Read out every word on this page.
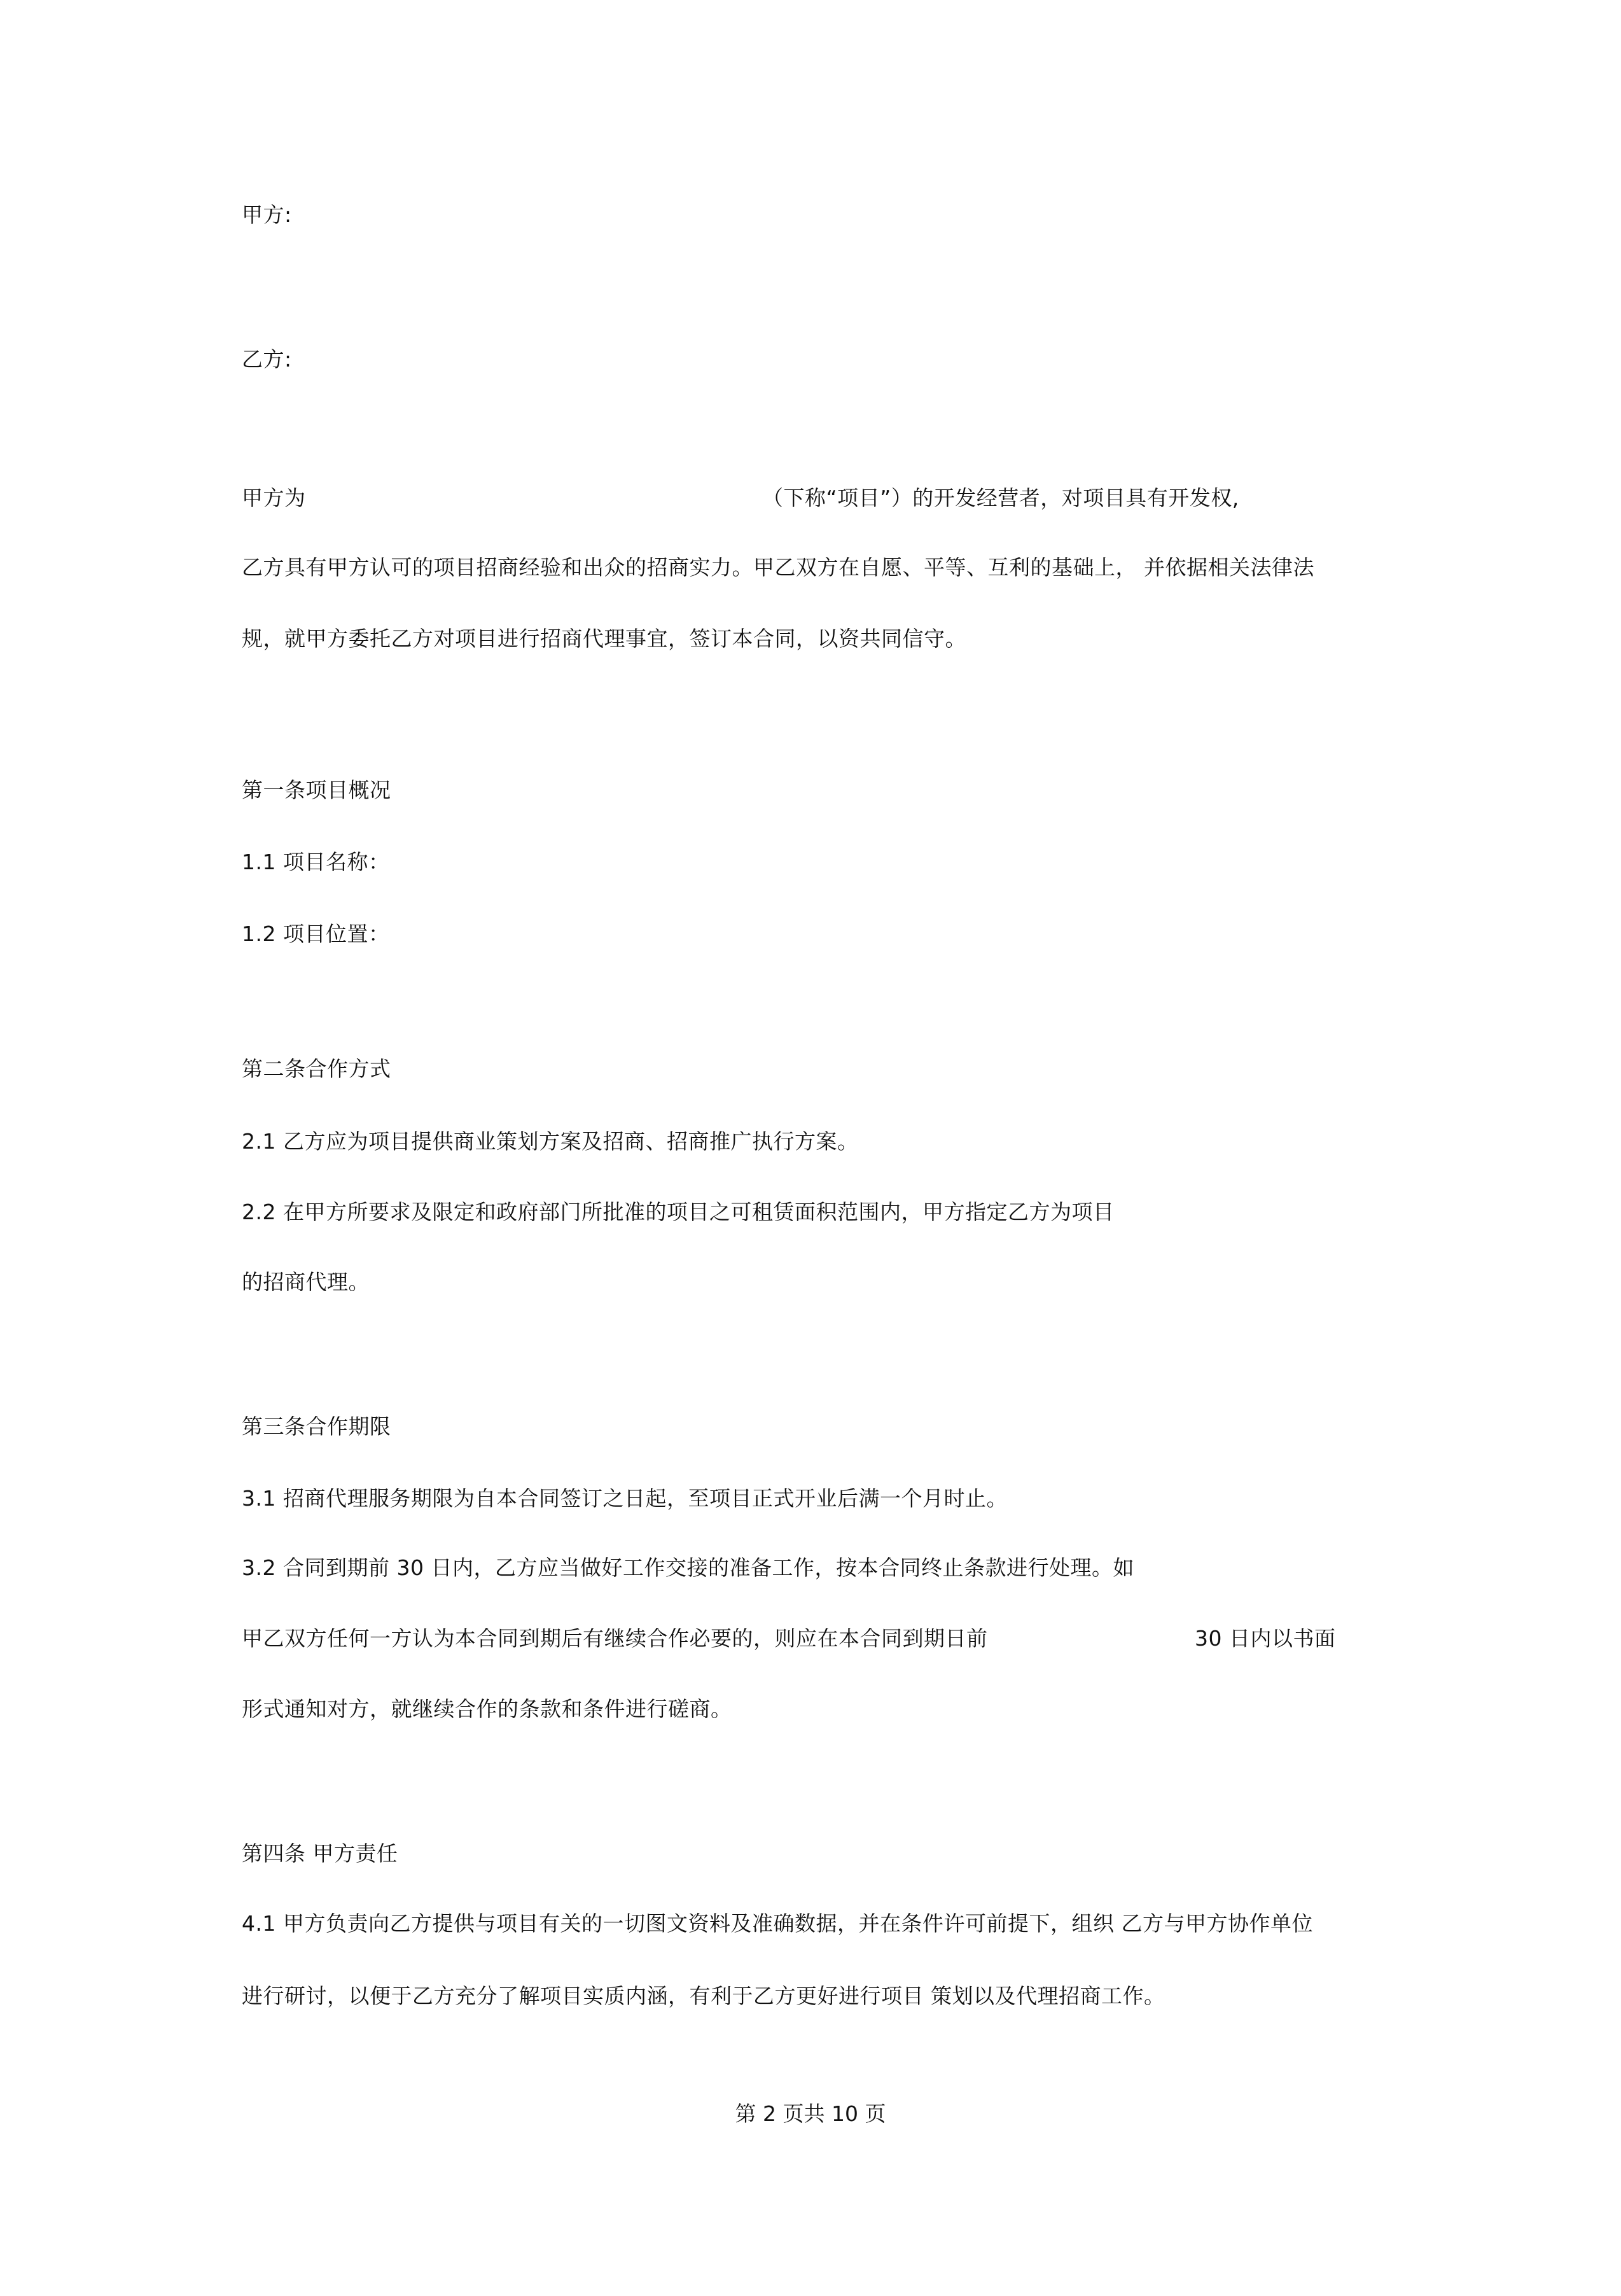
甲方:

乙方:

甲方为	（下称“项目”）的开发经营者，对项目具有开发权,

乙方具有甲方认可的项目招商经验和出众的招商实力。甲乙双方在自愿、平等、互利的基础上， 并依据相关法律法

规，就甲方委托乙方对项目进行招商代理事宜，签订本合同，以资共同信守。

第一条项目概况

1.1 项目名称：

1.2 项目位置：

第二条合作方式

2.1 乙方应为项目提供商业策划方案及招商、招商推广执行方案。

2.2 在甲方所要求及限定和政府部门所批准的项目之可租赁面积范围内，甲方指定乙方为项目

的招商代理。

第三条合作期限

3.1 招商代理服务期限为自本合同签订之日起，至项目正式开业后满一个月时止。

3.2 合同到期前 30 日内，乙方应当做好工作交接的准备工作，按本合同终止条款进行处理。如

甲乙双方任何一方认为本合同到期后有继续合作必要的，则应在本合同到期日前	30 日内以书面

形式通知对方，就继续合作的条款和条件进行磋商。

第四条 甲方责任

4.1 甲方负责向乙方提供与项目有关的一切图文资料及准确数据，并在条件许可前提下，组织 乙方与甲方协作单位

进行研讨，以便于乙方充分了解项目实质内涵，有利于乙方更好进行项目 策划以及代理招商工作。

第 2 页共 10 页
